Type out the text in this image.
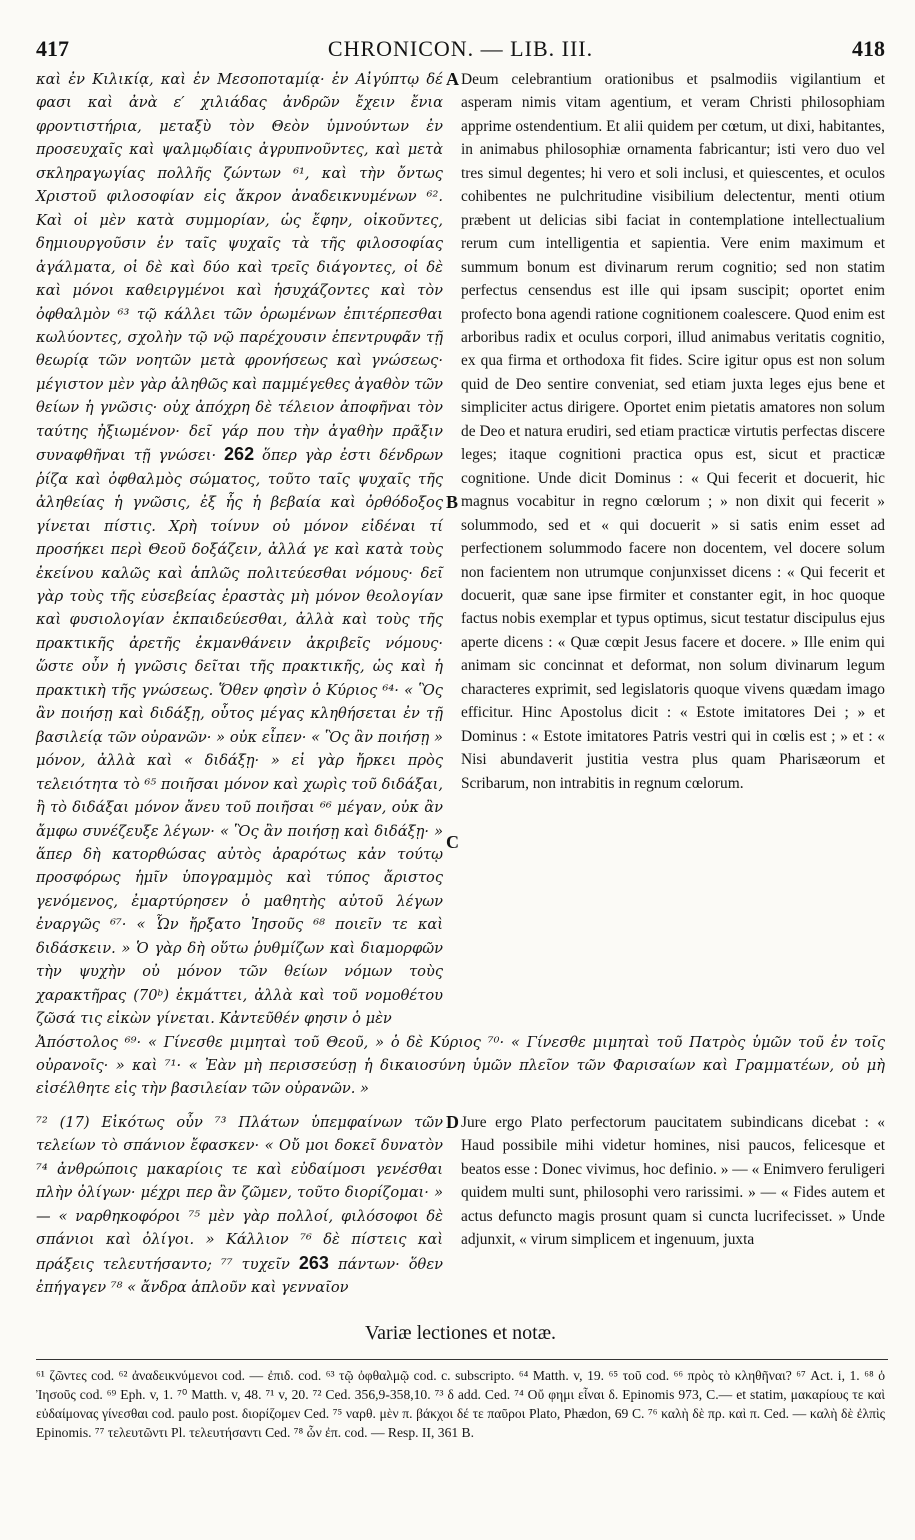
417	CHRONICON. — LIB. III.	418

καὶ ἐν Κιλικίᾳ, καὶ ἐν Μεσοποταμίᾳ· ἐν Αἰγύπτῳ δέ φασι καὶ ἀνὰ ε′ χιλιάδας ἀνδρῶν ἔχειν ἔνια φροντιστήρια, μεταξὺ τὸν Θεὸν ὑμνούντων ἐν προσευχαῖς καὶ ψαλμῳδίαις ἀγρυπνοῦντες, καὶ μετὰ σκληραγωγίας πολλῆς ζώντων ⁶¹, καὶ τὴν ὄντως Χριστοῦ φιλοσοφίαν εἰς ἄκρον ἀναδεικνυμένων ⁶². Καὶ οἱ μὲν κατὰ συμμορίαν, ὡς ἔφην, οἰκοῦντες, δημιουργοῦσιν ἐν ταῖς ψυχαῖς τὰ τῆς φιλοσοφίας ἀγάλματα, οἱ δὲ καὶ δύο καὶ τρεῖς διάγοντες, οἱ δὲ καὶ μόνοι καθειργμένοι καὶ ἡσυχάζοντες καὶ τὸν ὀφθαλμὸν ⁶³ τῷ κάλλει τῶν ὁρωμένων ἐπιτέρπεσθαι κωλύοντες, σχολὴν τῷ νῷ παρέχουσιν ἐπεντρυφᾶν τῇ θεωρίᾳ τῶν νοητῶν μετὰ φρονήσεως καὶ γνώσεως· μέγιστον μὲν γὰρ ἀληθῶς καὶ παμμέγεθες ἀγαθὸν τῶν θείων ἡ γνῶσις· οὐχ ἀπόχρη δὲ τέλειον ἀποφῆναι τὸν ταύτης ἠξιωμένον· δεῖ γάρ που τὴν ἀγαθὴν πρᾶξιν συναφθῆναι τῇ γνώσει· 262 ὅπερ γὰρ ἐστι δένδρων ῥίζα καὶ ὀφθαλμὸς σώματος, τοῦτο ταῖς ψυχαῖς τῆς ἀληθείας ἡ γνῶσις, ἐξ ἧς ἡ βεβαία καὶ ὀρθόδοξος γίνεται πίστις. Χρὴ τοίνυν οὐ μόνον εἰδέναι τί προσήκει περὶ Θεοῦ δοξάζειν, ἀλλά γε καὶ κατὰ τοὺς ἐκείνου καλῶς καὶ ἁπλῶς πολιτεύεσθαι νόμους· δεῖ γὰρ τοὺς τῆς εὐσεβείας ἐραστὰς μὴ μόνον θεολογίαν καὶ φυσιολογίαν ἐκπαιδεύεσθαι, ἀλλὰ καὶ τοὺς τῆς πρακτικῆς ἀρετῆς ἐκμανθάνειν ἀκριβεῖς νόμους· ὥστε οὖν ἡ γνῶσις δεῖται τῆς πρακτικῆς, ὡς καὶ ἡ πρακτικὴ τῆς γνώσεως. Ὅθεν φησὶν ὁ Κύριος ⁶⁴· « Ὃς ἂν ποιήσῃ καὶ διδάξῃ, οὗτος μέγας κληθήσεται ἐν τῇ βασιλείᾳ τῶν οὐρανῶν· » οὐκ εἶπεν· « Ὃς ἂν ποιήσῃ » μόνον, ἀλλὰ καὶ « διδάξῃ· » εἰ γὰρ ἤρκει πρὸς τελειότητα τὸ ⁶⁵ ποιῆσαι μόνον καὶ χωρὶς τοῦ διδάξαι, ἢ τὸ διδάξαι μόνον ἄνευ τοῦ ποιῆσαι ⁶⁶ μέγαν, οὐκ ἂν ἄμφω συνέζευξε λέγων· « Ὃς ἂν ποιήσῃ καὶ διδάξῃ· » ἅπερ δὴ κατορθώσας αὐτὸς ἀραρότως κἀν τούτῳ προσφόρως ἡμῖν ὑπογραμμὸς καὶ τύπος ἄριστος γενόμενος, ἐμαρτύρησεν ὁ μαθητὴς αὐτοῦ λέγων ἐναργῶς ⁶⁷· « Ὧν ἤρξατο Ἰησοῦς ⁶⁸ ποιεῖν τε καὶ διδάσκειν. » Ὁ γὰρ δὴ οὕτω ῥυθμίζων καὶ διαμορφῶν τὴν ψυχὴν οὐ μόνον τῶν θείων νόμων τοὺς χαρακτῆρας (70ᵇ) ἐκμάττει, ἀλλὰ καὶ τοῦ νομοθέτου ζῶσά τις εἰκὼν γίνεται. Κἀντεῦθέν φησιν ὁ μὲν

A
B
C

Deum celebrantium orationibus et psalmodiis vigilantium et asperam nimis vitam agentium, et veram Christi philosophiam apprime ostendentium. Et alii quidem per cœtum, ut dixi, habitantes, in animabus philosophiæ ornamenta fabricantur; isti vero duo vel tres simul degentes; hi vero et soli inclusi, et quiescentes, et oculos cohibentes ne pulchritudine visibilium delectentur, menti otium præbent ut delicias sibi faciat in contemplatione intellectualium rerum cum intelligentia et sapientia. Vere enim maximum et summum bonum est divinarum rerum cognitio; sed non statim perfectus censendus est ille qui ipsam suscipit; oportet enim profecto bona agendi ratione cognitionem coalescere. Quod enim est arboribus radix et oculus corpori, illud animabus veritatis cognitio, ex qua firma et orthodoxa fit fides. Scire igitur opus est non solum quid de Deo sentire conveniat, sed etiam juxta leges ejus bene et simpliciter actus dirigere. Oportet enim pietatis amatores non solum de Deo et natura erudiri, sed etiam practicæ virtutis perfectas discere leges; itaque cognitioni practica opus est, sicut et practicæ cognitione. Unde dicit Dominus : « Qui fecerit et docuerit, hic magnus vocabitur in regno cœlorum ; » non dixit qui fecerit » solummodo, sed et « qui docuerit » si satis enim esset ad perfectionem solummodo facere non docentem, vel docere solum non facientem non utrumque conjunxisset dicens : « Qui fecerit et docuerit, quæ sane ipse firmiter et constanter egit, in hoc quoque factus nobis exemplar et typus optimus, sicut testatur discipulus ejus aperte dicens : « Quæ cœpit Jesus facere et docere. » Ille enim qui animam sic concinnat et deformat, non solum divinarum legum characteres exprimit, sed legislatoris quoque vivens quædam imago efficitur. Hinc Apostolus dicit : « Estote imitatores Dei ; » et Dominus : « Estote imitatores Patris vestri qui in cœlis est ; » et : « Nisi abundaverit justitia vestra plus quam Pharisæorum et Scribarum, non intrabitis in regnum cœlorum.

Ἀπόστολος ⁶⁹· « Γίνεσθε μιμηταὶ τοῦ Θεοῦ, » ὁ δὲ Κύριος ⁷⁰· « Γίνεσθε μιμηταὶ τοῦ Πατρὸς ὑμῶν τοῦ ἐν τοῖς οὐρανοῖς· » καὶ ⁷¹· « Ἐὰν μὴ περισσεύσῃ ἡ δικαιοσύνη ὑμῶν πλεῖον τῶν Φαρισαίων καὶ Γραμματέων, οὐ μὴ εἰσέλθητε εἰς τὴν βασιλείαν τῶν οὐρανῶν. »

⁷² (17) Εἰκότως οὖν ⁷³ Πλάτων ὑπεμφαίνων τῶν τελείων τὸ σπάνιον ἔφασκεν· « Οὔ μοι δοκεῖ δυνατὸν ⁷⁴ ἀνθρώποις μακαρίοις τε καὶ εὐδαίμοσι γενέσθαι πλὴν ὀλίγων· μέχρι περ ἂν ζῶμεν, τοῦτο διορίζομαι· » — « ναρθηκοφόροι ⁷⁵ μὲν γὰρ πολλοί, φιλόσοφοι δὲ σπάνιοι καὶ ὀλίγοι. » Κάλλιον ⁷⁶ δὲ πίστεις καὶ πράξεις τελευτήσαντο; ⁷⁷ τυχεῖν 263 πάντων· ὅθεν ἐπήγαγεν ⁷⁸ « ἄνδρα ἁπλοῦν καὶ γενναῖον

D Jure ergo Plato perfectorum paucitatem subindicans dicebat : « Haud possibile mihi videtur homines, nisi paucos, felicesque et beatos esse : Donec vivimus, hoc definio. » — « Enimvero feruligeri quidem multi sunt, philosophi vero rarissimi. » — « Fides autem et actus defuncto magis prosunt quam si cuncta lucrifecisset. » Unde adjunxit, « virum simplicem et ingenuum, juxta

Variæ lectiones et notæ.
⁶¹ ζῶντες cod. ⁶² ἀναδεικνύμενοι cod. — ἐπιδ. cod. ⁶³ τῷ ὀφθαλμῷ cod. c. subscripto. ⁶⁴ Matth. v, 19. ⁶⁵ τοῦ cod. ⁶⁶ πρὸς τὸ κληθῆναι? ⁶⁷ Act. i, 1. ⁶⁸ ὁ Ἰησοῦς cod. ⁶⁹ Eph. v, 1. ⁷⁰ Matth. v, 48. ⁷¹ v, 20. ⁷² Ced. 356,9-358,10. ⁷³ δ add. Ced. ⁷⁴ Οὔ φημι εἶναι δ. Epinomis 973, C.— et statim, μακαρίους τε καὶ εὐδαίμονας γίνεσθαι cod. paulo post. διορίζομεν Ced. ⁷⁵ ναρθ. μὲν π. βάκχοι δέ τε παῦροι Plato, Phædon, 69 C. ⁷⁶ καλὴ δὲ πρ. καὶ π. Ced. — καλὴ δὲ ἐλπὶς Epinomis. ⁷⁷ τελευτῶντι Pl. τελευτήσαντι Ced. ⁷⁸ ὧν ἐπ. cod. — Resp. II, 361 B.
